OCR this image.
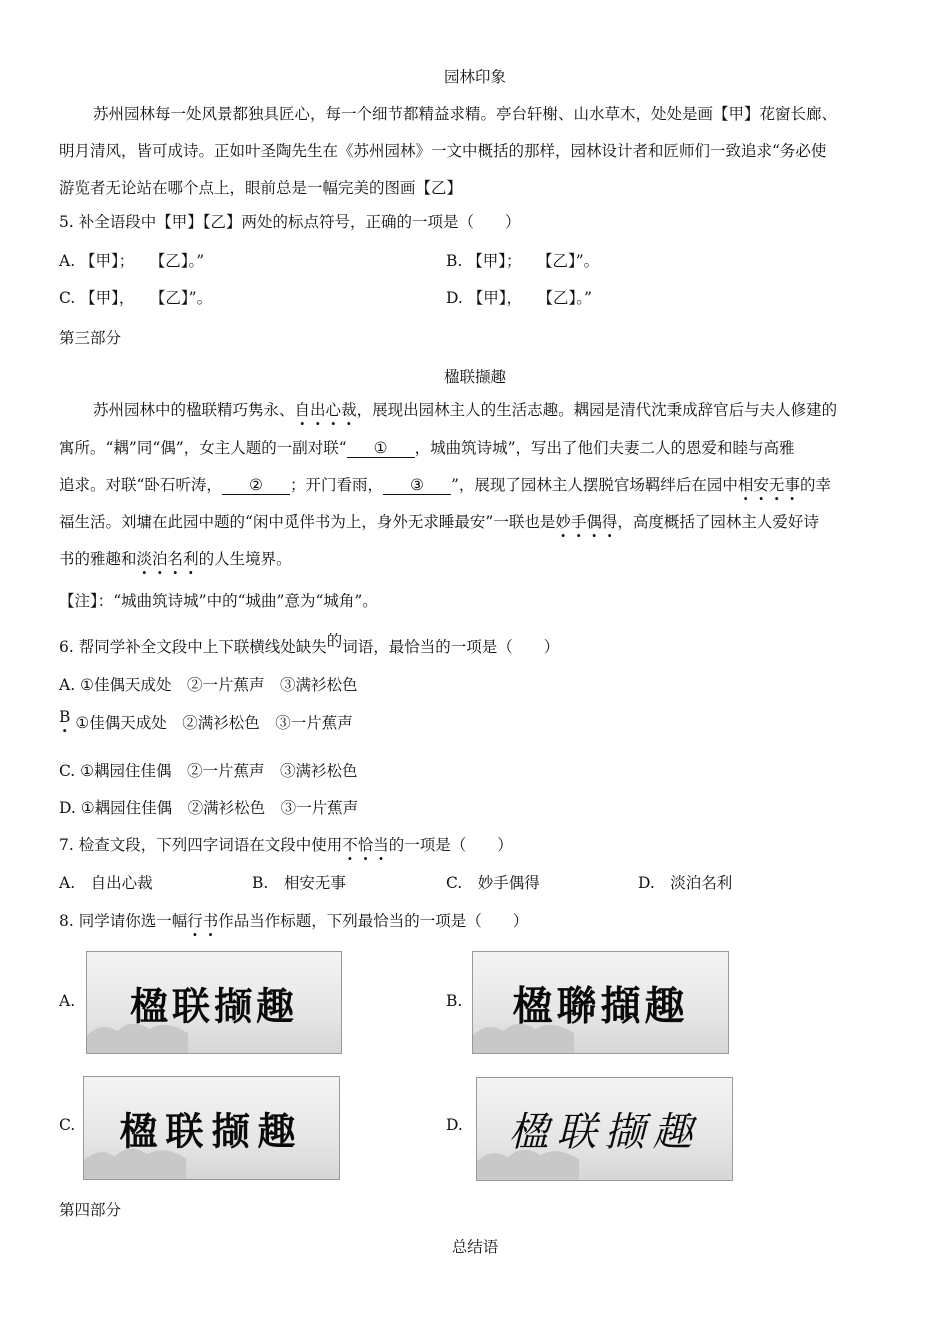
园林印象
苏州园林每一处风景都独具匠心，每一个细节都精益求精。亭台轩榭、山水草木，处处是画【甲】花窗长廊、
明月清风，皆可成诗。正如叶圣陶先生在《苏州园林》一文中概括的那样，园林设计者和匠师们一致追求“务必使
游览者无论站在哪个点上，眼前总是一幅完美的图画【乙】
5. 补全语段中【甲】【乙】两处的标点符号，正确的一项是（　　）
A. 【甲】；　　【乙】。”	B. 【甲】；　　【乙】”。
C. 【甲】，　　【乙】”。	D. 【甲】，　　【乙】。”
第三部分
楹联撷趣
苏州园林中的楹联精巧隽永、自出心裁，展现出园林主人的生活志趣。耦园是清代沈秉成辞官后与夫人修建的
寓所。“耦”同“偶”，女主人题的一副对联“ ① ，城曲筑诗城”，写出了他们夫妻二人的恩爱和睦与高雅
追求。对联“卧石听涛， ② ；开门看雨， ③ ”，展现了园林主人摆脱官场羁绊后在园中相安无事的幸
福生活。刘墉在此园中题的“闲中觅伴书为上，身外无求睡最安”一联也是妙手偶得，高度概括了园林主人爱好诗
书的雅趣和淡泊名利的人生境界。
【注】：“城曲筑诗城”中的“城曲”意为“城角”。
6. 帮同学补全文段中上下联横线处缺失的词语，最恰当的一项是（　　）
A. ①佳偶天成处　②一片蕉声　③满衫松色
B · ①佳偶天成处　②满衫松色　③一片蕉声
C. ①耦园住佳偶　②一片蕉声　③满衫松色
D. ①耦园住佳偶　②满衫松色　③一片蕉声
7. 检查文段，下列四字词语在文段中使用不恰当的一项是（　　）
A.　自出心裁	B.　相安无事	C.　妙手偶得	D.　淡泊名利
8. 同学请你选一幅行书作品当作标题，下列最恰当的一项是（　　）
A.	楹联撷趣	B.	楹聯擷趣
C.	楹联撷趣	D.	楹联撷趣
第四部分
总结语
